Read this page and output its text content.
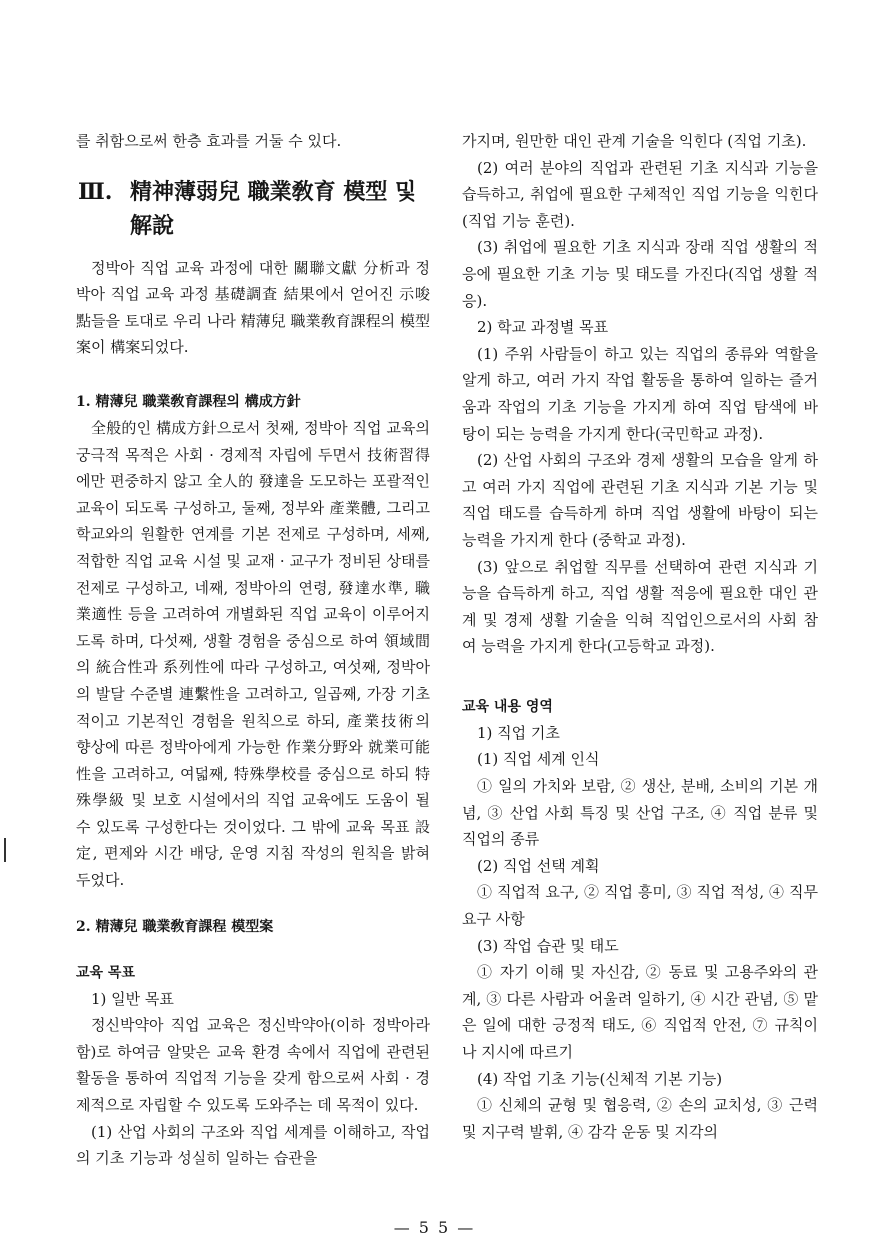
를 취함으로써 한층 효과를 거둘 수 있다.

Ⅲ. 精神薄弱兒 職業敎育 模型 및 解說

정박아 직업 교육 과정에 대한 關聯文獻 分析과 정박아 직업 교육 과정 基礎調査 結果에서 얻어진 示唆點들을 토대로 우리 나라 精薄兒 職業敎育課程의 模型案이 構案되었다.

1. 精薄兒 職業敎育課程의 構成方針

全般的인 構成方針으로서 첫째, 정박아 직업 교육의 궁극적 목적은 사회 · 경제적 자립에 두면서 技術習得에만 편중하지 않고 全人的 發達을 도모하는 포괄적인 교육이 되도록 구성하고, 둘째, 정부와 產業體, 그리고 학교와의 원활한 연계를 기본 전제로 구성하며, 세째, 적합한 직업 교육 시설 및 교재 · 교구가 정비된 상태를 전제로 구성하고, 네째, 정박아의 연령, 發達水準, 職業適性 등을 고려하여 개별화된 직업 교육이 이루어지도록 하며, 다섯째, 생활 경험을 중심으로 하여 領域間의 統合性과 系列性에 따라 구성하고, 여섯째, 정박아의 발달 수준별 連繫性을 고려하고, 일곱째, 가장 기초적이고 기본적인 경험을 원칙으로 하되, 產業技術의 향상에 따른 정박아에게 가능한 作業分野와 就業可能性을 고려하고, 여덟째, 特殊學校를 중심으로 하되 特殊學級 및 보호 시설에서의 직업 교육에도 도움이 될 수 있도록 구성한다는 것이었다. 그 밖에 교육 목표 設定, 편제와 시간 배당, 운영 지침 작성의 원칙을 밝혀 두었다.

2. 精薄兒 職業敎育課程 模型案

교육 목표

1) 일반 목표

정신박약아 직업 교육은 정신박약아(이하 정박아라 함)로 하여금 알맞은 교육 환경 속에서 직업에 관련된 활동을 통하여 직업적 기능을 갖게 함으로써 사회 · 경제적으로 자립할 수 있도록 도와주는 데 목적이 있다.

(1) 산업 사회의 구조와 직업 세계를 이해하고, 작업의 기초 기능과 성실히 일하는 습관을

가지며, 원만한 대인 관계 기술을 익힌다 (직업 기초).

(2) 여러 분야의 직업과 관련된 기초 지식과 기능을 습득하고, 취업에 필요한 구체적인 직업 기능을 익힌다 (직업 기능 훈련).

(3) 취업에 필요한 기초 지식과 장래 직업 생활의 적응에 필요한 기초 기능 및 태도를 가진다(직업 생활 적응).

2) 학교 과정별 목표

(1) 주위 사람들이 하고 있는 직업의 종류와 역할을 알게 하고, 여러 가지 작업 활동을 통하여 일하는 즐거움과 작업의 기초 기능을 가지게 하여 직업 탐색에 바탕이 되는 능력을 가지게 한다(국민학교 과정).

(2) 산업 사회의 구조와 경제 생활의 모습을 알게 하고 여러 가지 직업에 관련된 기초 지식과 기본 기능 및 직업 태도를 습득하게 하며 직업 생활에 바탕이 되는 능력을 가지게 한다 (중학교 과정).

(3) 앞으로 취업할 직무를 선택하여 관련 지식과 기능을 습득하게 하고, 직업 생활 적응에 필요한 대인 관계 및 경제 생활 기술을 익혀 직업인으로서의 사회 참여 능력을 가지게 한다(고등학교 과정).

교육 내용 영역

1) 직업 기초

(1) 직업 세계 인식

① 일의 가치와 보람, ② 생산, 분배, 소비의 기본 개념, ③ 산업 사회 특징 및 산업 구조, ④ 직업 분류 및 직업의 종류

(2) 직업 선택 계획

① 직업적 요구, ② 직업 흥미, ③ 직업 적성, ④ 직무 요구 사항

(3) 작업 습관 및 태도

① 자기 이해 및 자신감, ② 동료 및 고용주와의 관계, ③ 다른 사람과 어울려 일하기, ④ 시간 관념, ⑤ 맡은 일에 대한 긍정적 태도, ⑥ 직업적 안전, ⑦ 규칙이나 지시에 따르기

(4) 작업 기초 기능(신체적 기본 기능)

① 신체의 균형 및 협응력, ② 손의 교치성, ③ 근력 및 지구력 발휘, ④ 감각 운동 및 지각의

— 5 5 —
